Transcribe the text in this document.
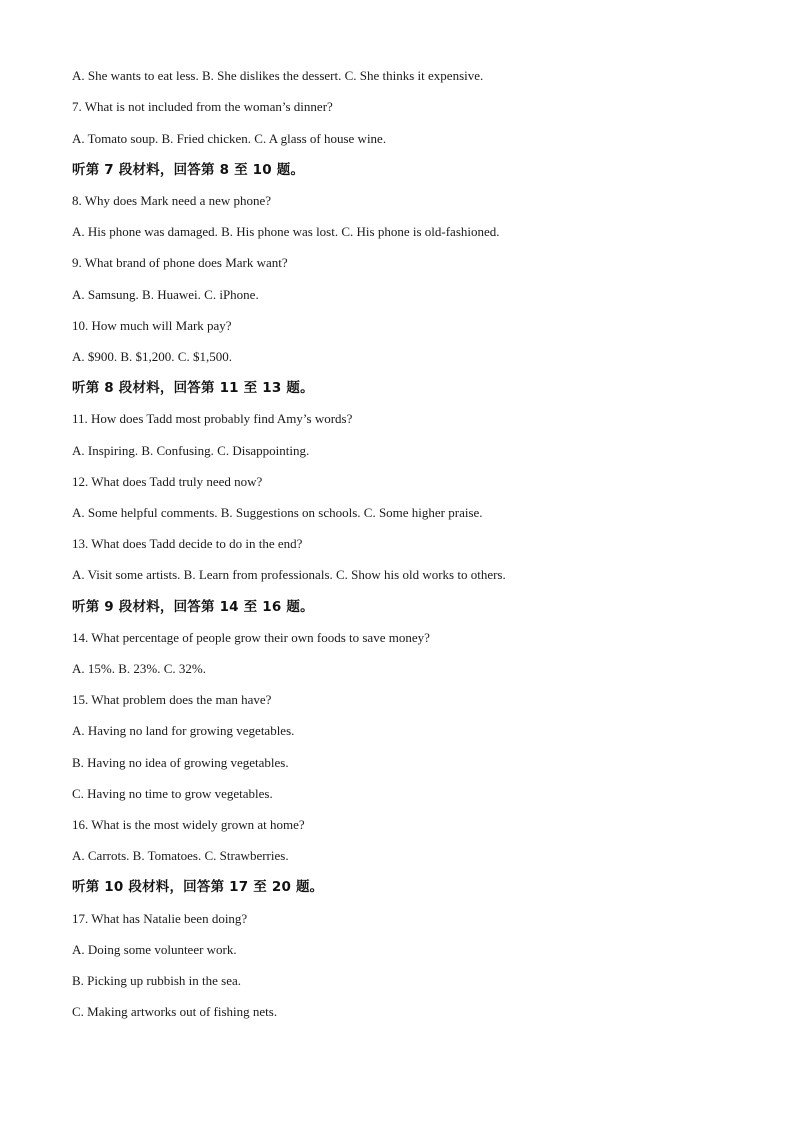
A. She wants to eat less. B. She dislikes the dessert. C. She thinks it expensive.
7. What is not included from the woman’s dinner?
A. Tomato soup. B. Fried chicken. C. A glass of house wine.
听第 7 段材料，回答第 8 至 10 题。
8. Why does Mark need a new phone?
A. His phone was damaged. B. His phone was lost. C. His phone is old-fashioned.
9. What brand of phone does Mark want?
A. Samsung. B. Huawei. C. iPhone.
10. How much will Mark pay?
A. $900. B. $1,200. C. $1,500.
听第 8 段材料，回答第 11 至 13 题。
11. How does Tadd most probably find Amy’s words?
A. Inspiring. B. Confusing. C. Disappointing.
12. What does Tadd truly need now?
A. Some helpful comments. B. Suggestions on schools. C. Some higher praise.
13. What does Tadd decide to do in the end?
A. Visit some artists. B. Learn from professionals. C. Show his old works to others.
听第 9 段材料，回答第 14 至 16 题。
14. What percentage of people grow their own foods to save money?
A. 15%. B. 23%. C. 32%.
15. What problem does the man have?
A. Having no land for growing vegetables.
B. Having no idea of growing vegetables.
C. Having no time to grow vegetables.
16. What is the most widely grown at home?
A. Carrots. B. Tomatoes. C. Strawberries.
听第 10 段材料，回答第 17 至 20 题。
17. What has Natalie been doing?
A. Doing some volunteer work.
B. Picking up rubbish in the sea.
C. Making artworks out of fishing nets.
